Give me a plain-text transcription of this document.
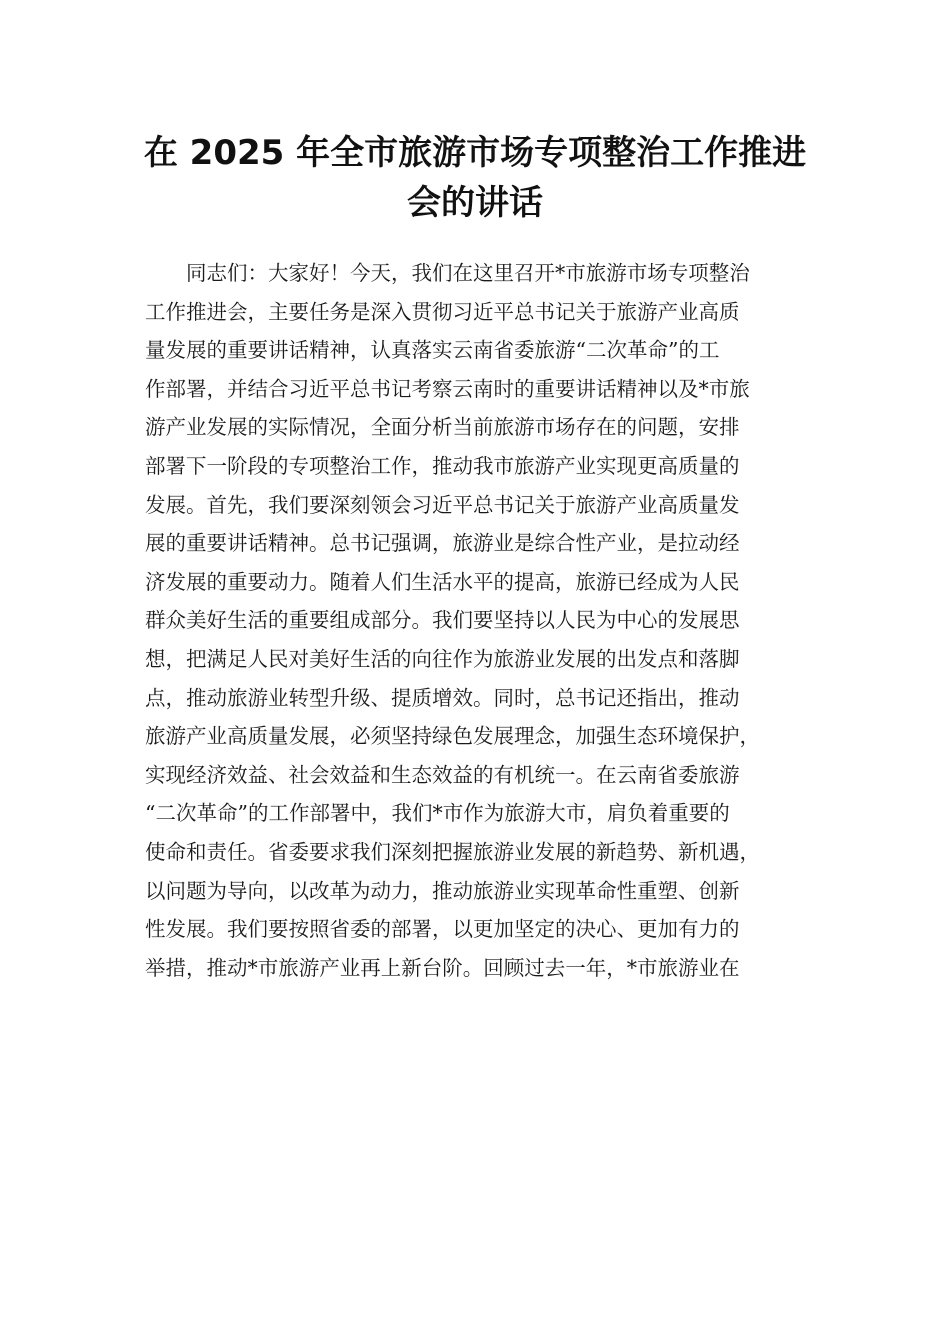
在 2025 年全市旅游市场专项整治工作推进
会的讲话
　　同志们：大家好！今天，我们在这里召开*市旅游市场专项整治
工作推进会，主要任务是深入贯彻习近平总书记关于旅游产业高质
量发展的重要讲话精神，认真落实云南省委旅游“二次革命”的工
作部署，并结合习近平总书记考察云南时的重要讲话精神以及*市旅
游产业发展的实际情况，全面分析当前旅游市场存在的问题，安排
部署下一阶段的专项整治工作，推动我市旅游产业实现更高质量的
发展。首先，我们要深刻领会习近平总书记关于旅游产业高质量发
展的重要讲话精神。总书记强调，旅游业是综合性产业，是拉动经
济发展的重要动力。随着人们生活水平的提高，旅游已经成为人民
群众美好生活的重要组成部分。我们要坚持以人民为中心的发展思
想，把满足人民对美好生活的向往作为旅游业发展的出发点和落脚
点，推动旅游业转型升级、提质增效。同时，总书记还指出，推动
旅游产业高质量发展，必须坚持绿色发展理念，加强生态环境保护，
实现经济效益、社会效益和生态效益的有机统一。在云南省委旅游
“二次革命”的工作部署中，我们*市作为旅游大市，肩负着重要的
使命和责任。省委要求我们深刻把握旅游业发展的新趋势、新机遇，
以问题为导向，以改革为动力，推动旅游业实现革命性重塑、创新
性发展。我们要按照省委的部署，以更加坚定的决心、更加有力的
举措，推动*市旅游产业再上新台阶。回顾过去一年，*市旅游业在
